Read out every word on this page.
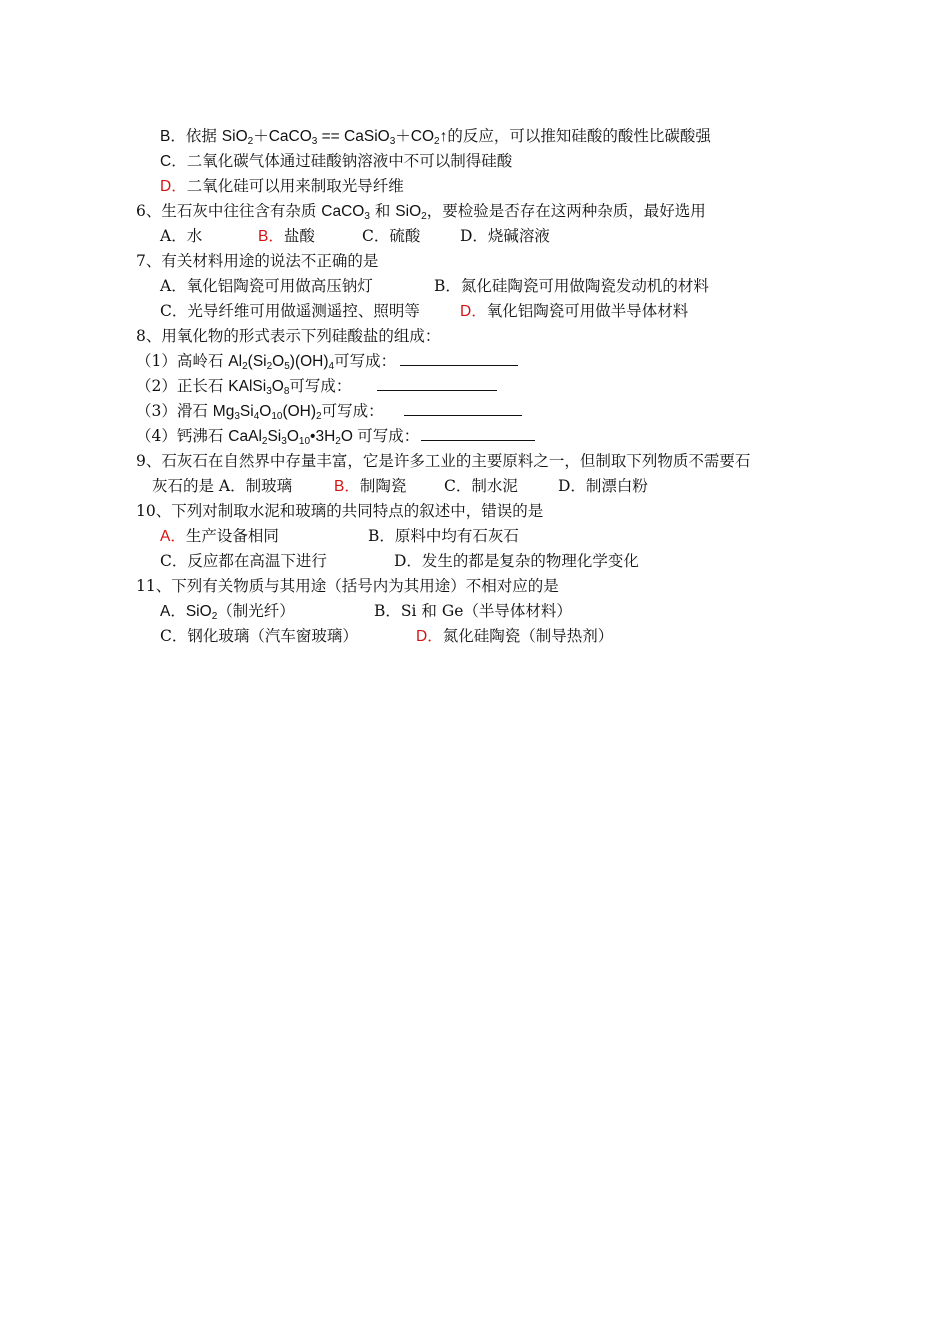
B．依据 SiO$_2$＋CaCO$_3$ == $CaSiO_3+CO_2↑$的反应，可以推知硅酸的酸性比碳酸强
C．二氧化碳气体通过硅酸钠溶液中不可以制得硅酸
D．二氧化硅可以用来制取光导纤维
6、生石灰中往往含有杂质 CaCO$_3$ 和 SiO$_2$，要检验是否存在这两种杂质，最好选用
A．水	B．盐酸	C．硫酸	D．烧碱溶液
7、有关材料用途的说法不正确的是
A．氧化铝陶瓷可用做高压钠灯	B．氮化硅陶瓷可用做陶瓷发动机的材料
C．光导纤维可用做遥测遥控、照明等	D．氧化铝陶瓷可用做半导体材料
8、用氧化物的形式表示下列硅酸盐的组成：
（1）高岭石 $Al_2(Si_2O_5)(OH)_4$可写成：
（2）正长石 $KAlSi_3O_8$可写成：
（3）滑石 $Mg_3Si_4O_{10}(OH)_2$可写成：
（4）钙沸石 $CaAl_2Si_3O_{10}•3H_2O$ 可写成：
9、石灰石在自然界中存量丰富，它是许多工业的主要原料之一，但制取下列物质不需要石
灰石的是 A．制玻璃	B．制陶瓷 C．制水泥	D．制漂白粉
10、下列对制取水泥和玻璃的共同特点的叙述中，错误的是
A．生产设备相同	B．原料中均有石灰石
C．反应都在高温下进行	D．发生的都是复杂的物理化学变化
11、下列有关物质与其用途（括号内为其用途）不相对应的是
A．SiO$_2$（制光纤）	B．Si 和 Ge（半导体材料）
C．钢化玻璃（汽车窗玻璃）	D．氮化硅陶瓷（制导热剂）
